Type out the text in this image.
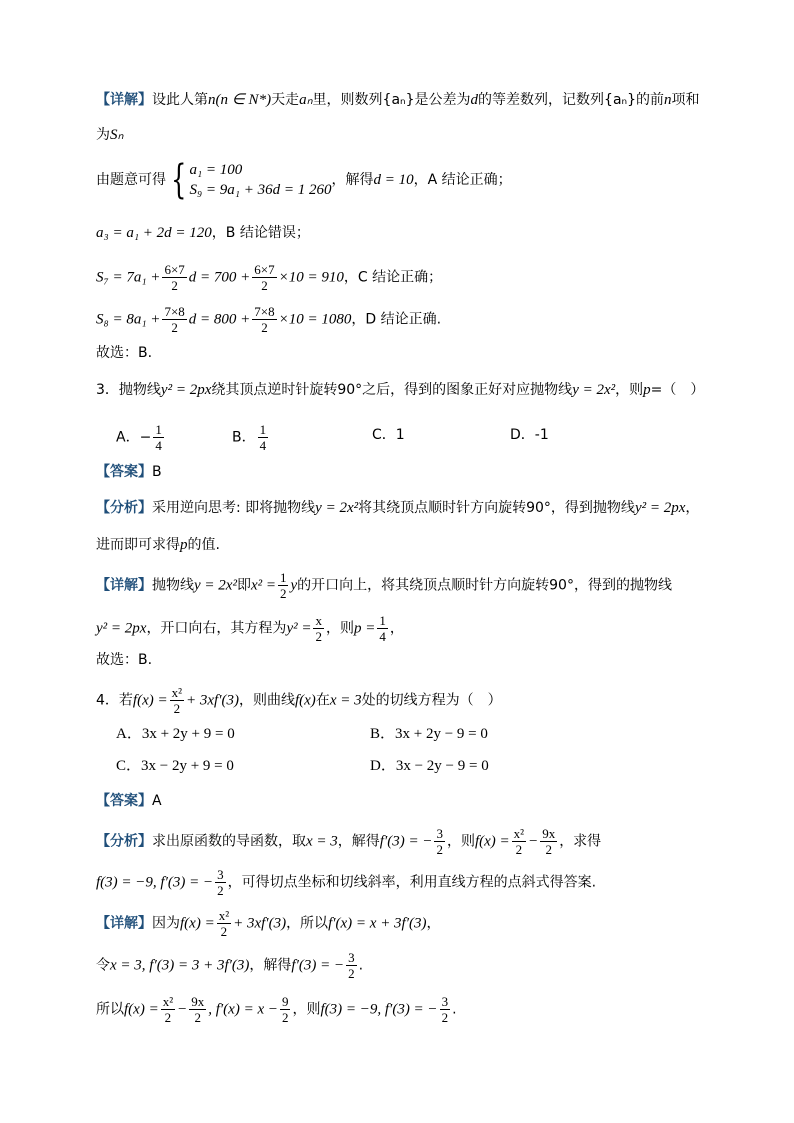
【详解】设此人第n(n ∈ N*)天走aₙ里，则数列{aₙ}是公差为d的等差数列，记数列{aₙ}的前n项和
为Sₙ
由题意可得 { a₁ = 100
S₉ = 9a₁ + 36d = 1 260
，解得d = 10，A 结论正确；
a₃ = a₁ + 2d = 120，B 结论错误；
$S_7 = 7a_1 + \frac{6\times 7}{2}$ $d = 700 + \frac{6\times 7}{2} \times 10 = 910$，C 结论正确；
$S_8 = 8a_1 + \frac{7\times 8}{2}$ $d = 800 + \frac{7\times 8}{2} \times 10 = 1080$，D 结论正确.
故选：B.
3．抛物线y² = 2px绕其顶点逆时针旋转90°之后，得到的图象正好对应抛物线y = 2x²，则p=（　）
A．− $\frac{1}{4}$	B． $\frac{1}{4}$	C．1	D．-1
【答案】B
【分析】采用逆向思考: 即将抛物线y = 2x²将其绕顶点顺时针方向旋转90°，得到抛物线y² = 2px，
进而即可求得p的值.
【详解】抛物线y = 2x²即$x^2 = \frac{1}{2}$ y的开口向上，将其绕顶点顺时针方向旋转90°，得到的抛物线
y² = 2px，开口向右，其方程为$y^2 = \frac{x}{2}$ ，则$p = \frac{1}{4}$ ，
故选：B.
4．若$f(x) = \frac{\text{x²}}{2} + 3xf'(3)$，则曲线f(x)在x = 3处的切线方程为（　）
A．3x + 2y + 9 = 0	B．3x + 2y − 9 = 0
C．3x − 2y + 9 = 0	D．3x − 2y − 9 = 0
【答案】A
【分析】求出原函数的导函数，取x = 3，解得f′(3) = − $\frac{3}{2}$ ，则$f(x) = \frac{\text{x²}}{2} - \frac{9x}{2}$ ，求得
f(3) = −9, f′(3) = − $\frac{3}{2}$ ，可得切点坐标和切线斜率，利用直线方程的点斜式得答案.
【详解】因为$f(x) = \frac{\text{x²}}{2} + 3xf'(3)$，所以f′(x) = x + 3f′(3)，
令x = 3, f′(3) = 3 + 3f′(3)，解得f′(3) = − $\frac{3}{2}$ .
所以$f(x) = \frac{\text{x²}}{2} - \frac{9x}{2}$ , $f'(x) = x - \frac{9}{2}$ ，则f(3) = −9, f′(3) = − $\frac{3}{2}$ .
